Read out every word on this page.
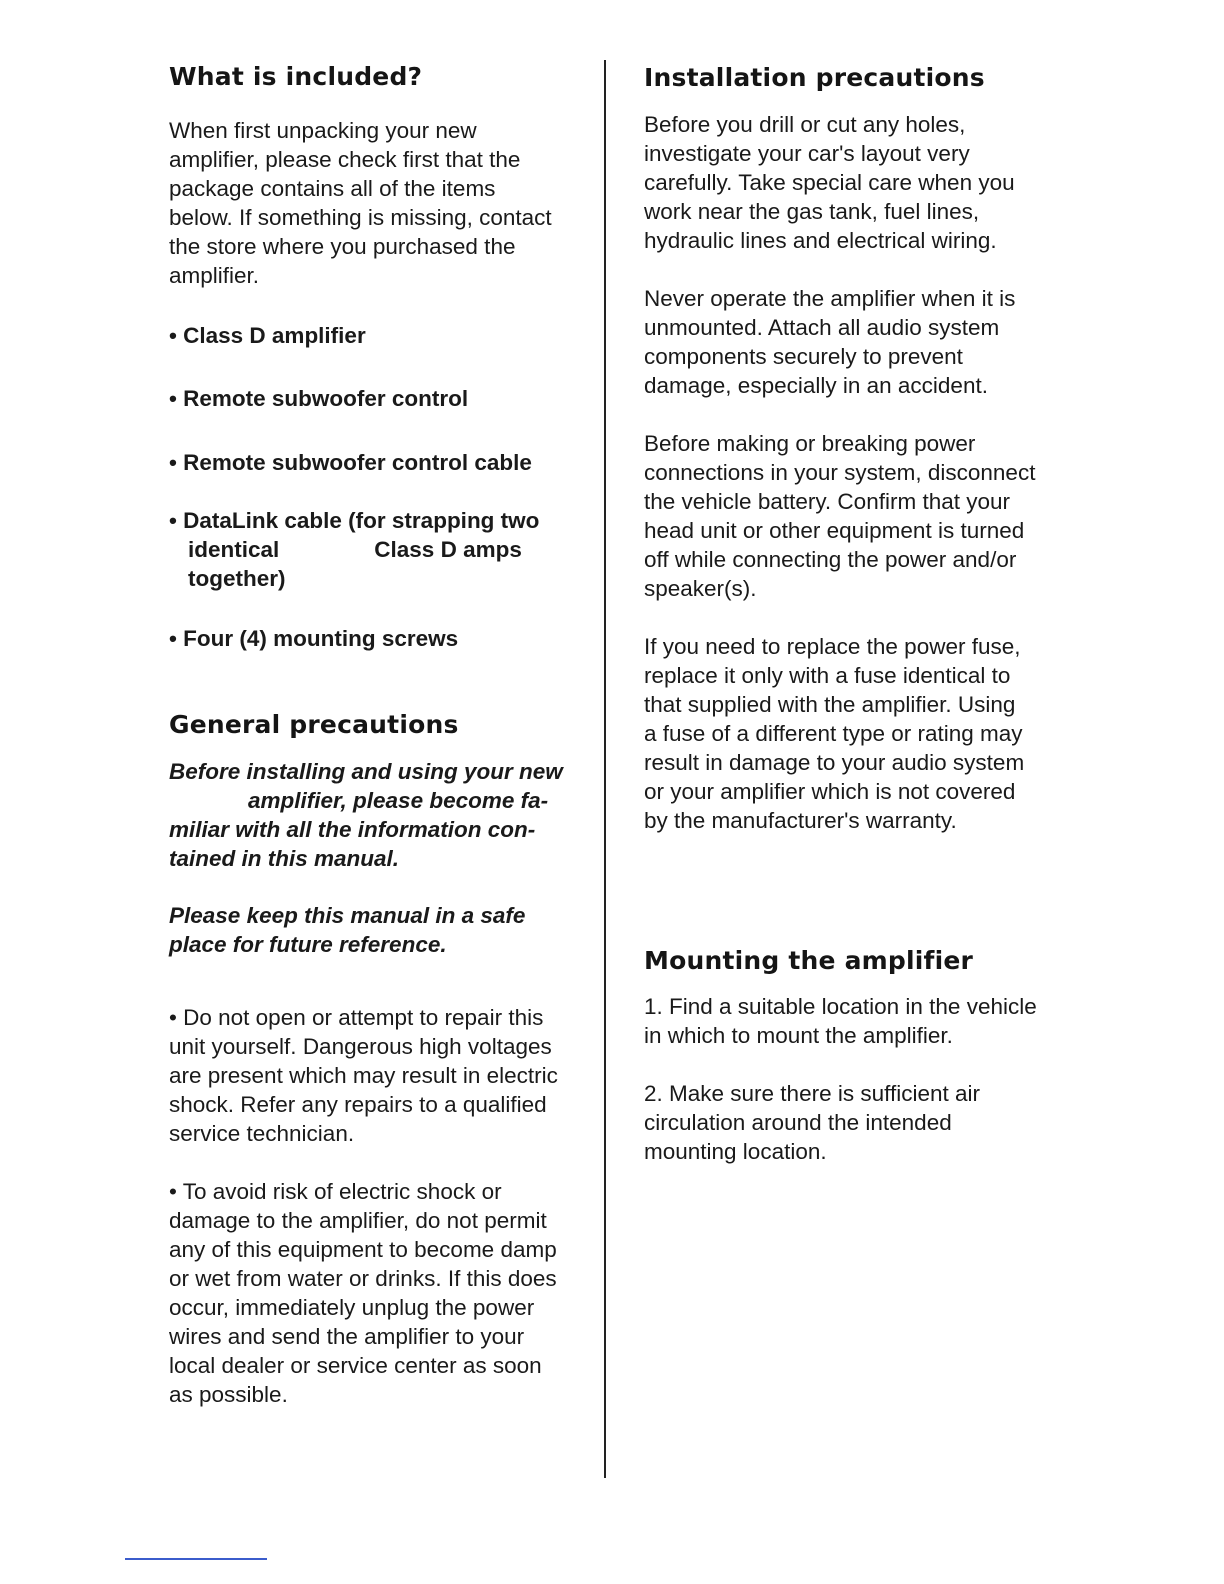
What is included?
When first unpacking your new
amplifier, please check first that the
package contains all of the items
below. If something is missing, contact
the store where you purchased the
amplifier.
• Class D amplifier
• Remote subwoofer control
• Remote subwoofer control cable
• DataLink cable (for strapping two
identical	Class D amps
together)
• Four (4) mounting screws
General precautions
Before installing and using your new
amplifier, please become fa-
miliar with all the information con-
tained in this manual.
Please keep this manual in a safe
place for future reference.
• Do not open or attempt to repair this
unit yourself. Dangerous high voltages
are present which may result in electric
shock. Refer any repairs to a qualified
service technician.
• To avoid risk of electric shock or
damage to the amplifier, do not permit
any of this equipment to become damp
or wet from water or drinks. If this does
occur, immediately unplug the power
wires and send the amplifier to your
local dealer or service center as soon
as possible.
Installation precautions
Before you drill or cut any holes,
investigate your car's layout very
carefully. Take special care when you
work near the gas tank, fuel lines,
hydraulic lines and electrical wiring.
Never operate the amplifier when it is
unmounted. Attach all audio system
components securely to prevent
damage, especially in an accident.
Before making or breaking power
connections in your system, disconnect
the vehicle battery. Confirm that your
head unit or other equipment is turned
off while connecting the power and/or
speaker(s).
If you need to replace the power fuse,
replace it only with a fuse identical to
that supplied with the amplifier. Using
a fuse of a different type or rating may
result in damage to your audio system
or your amplifier which is not covered
by the manufacturer's warranty.
Mounting the amplifier
1. Find a suitable location in the vehicle
in which to mount the amplifier.
2. Make sure there is sufficient air
circulation around the intended
mounting location.
